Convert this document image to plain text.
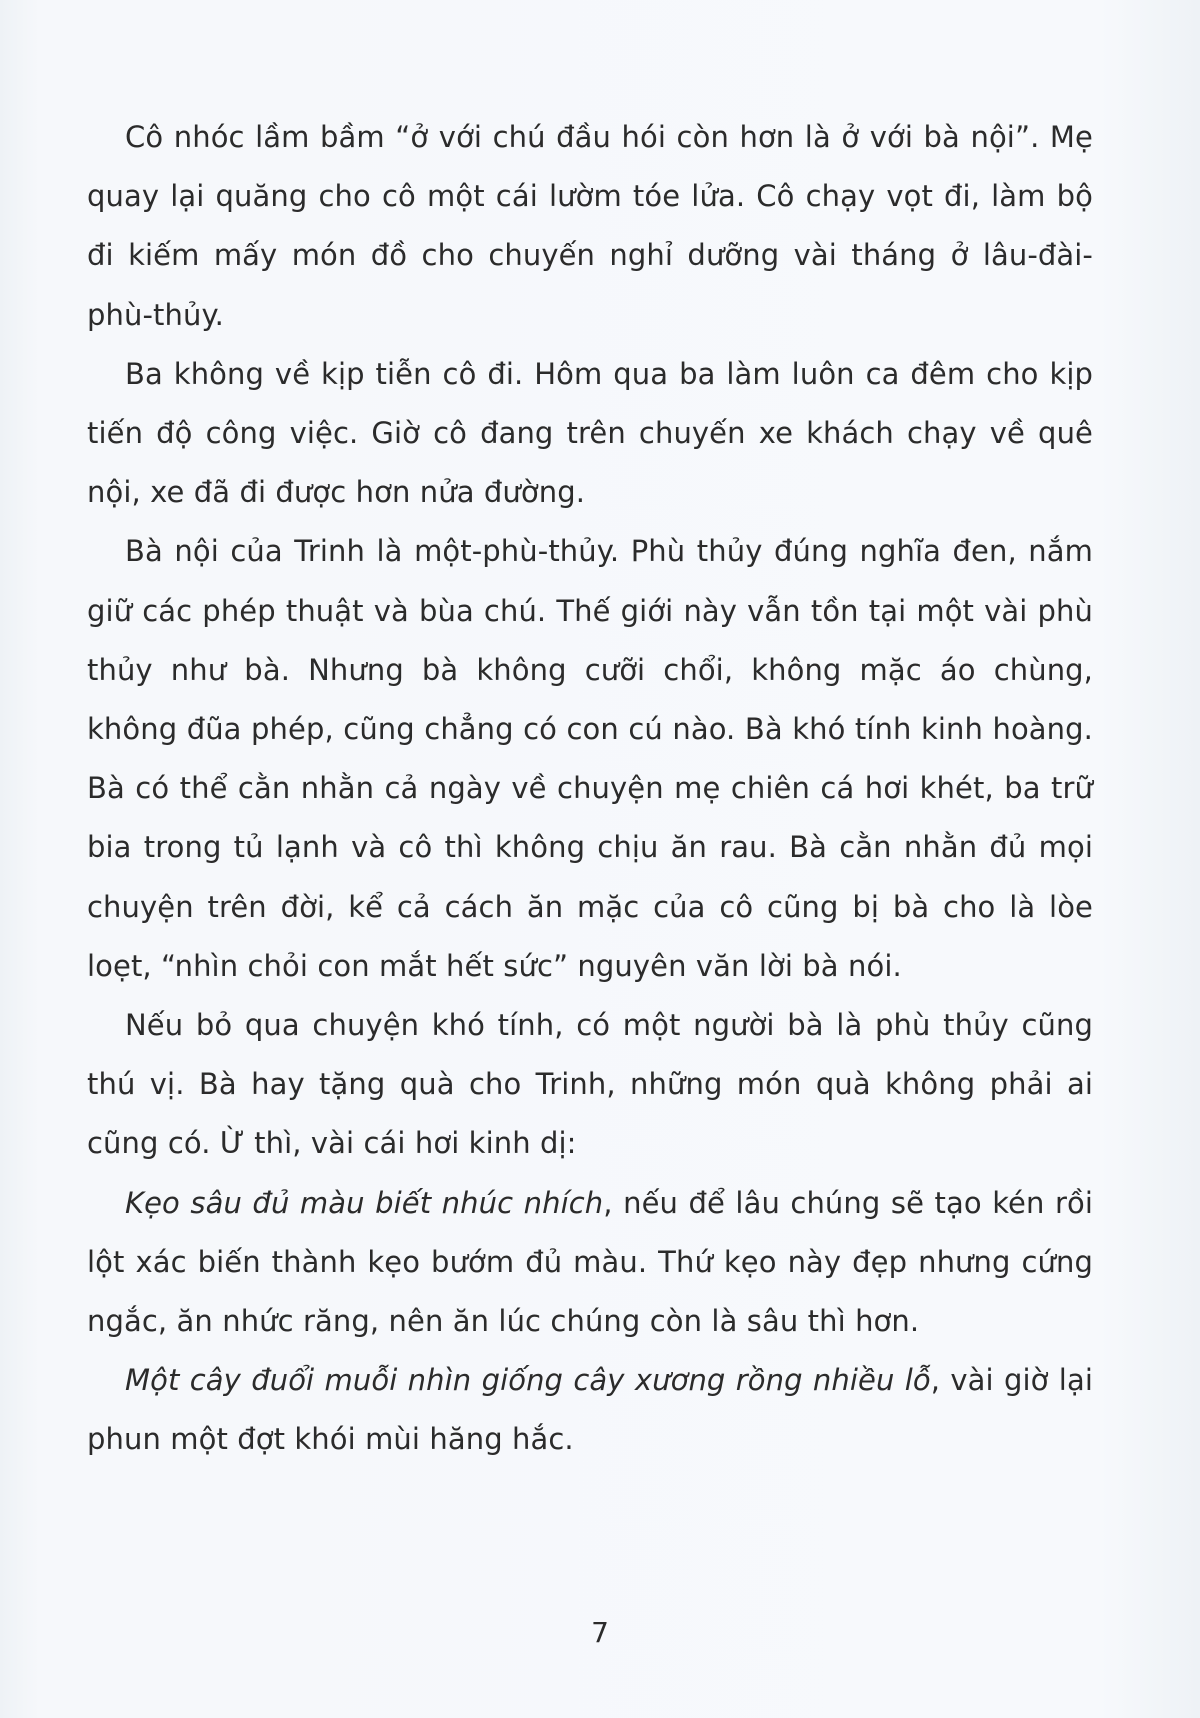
Cô nhóc lầm bầm “ở với chú đầu hói còn hơn là ở với bà nội”. Mẹ quay lại quăng cho cô một cái lườm tóe lửa. Cô chạy vọt đi, làm bộ đi kiếm mấy món đồ cho chuyến nghỉ dưỡng vài tháng ở lâu-đài-phù-thủy.

Ba không về kịp tiễn cô đi. Hôm qua ba làm luôn ca đêm cho kịp tiến độ công việc. Giờ cô đang trên chuyến xe khách chạy về quê nội, xe đã đi được hơn nửa đường.

Bà nội của Trinh là một-phù-thủy. Phù thủy đúng nghĩa đen, nắm giữ các phép thuật và bùa chú. Thế giới này vẫn tồn tại một vài phù thủy như bà. Nhưng bà không cưỡi chổi, không mặc áo chùng, không đũa phép, cũng chẳng có con cú nào. Bà khó tính kinh hoàng. Bà có thể cằn nhằn cả ngày về chuyện mẹ chiên cá hơi khét, ba trữ bia trong tủ lạnh và cô thì không chịu ăn rau. Bà cằn nhằn đủ mọi chuyện trên đời, kể cả cách ăn mặc của cô cũng bị bà cho là lòe loẹt, “nhìn chỏi con mắt hết sức” nguyên văn lời bà nói.

Nếu bỏ qua chuyện khó tính, có một người bà là phù thủy cũng thú vị. Bà hay tặng quà cho Trinh, những món quà không phải ai cũng có. Ừ thì, vài cái hơi kinh dị:

Kẹo sâu đủ màu biết nhúc nhích, nếu để lâu chúng sẽ tạo kén rồi lột xác biến thành kẹo bướm đủ màu. Thứ kẹo này đẹp nhưng cứng ngắc, ăn nhức răng, nên ăn lúc chúng còn là sâu thì hơn.

Một cây đuổi muỗi nhìn giống cây xương rồng nhiều lỗ, vài giờ lại phun một đợt khói mùi hăng hắc.

7
